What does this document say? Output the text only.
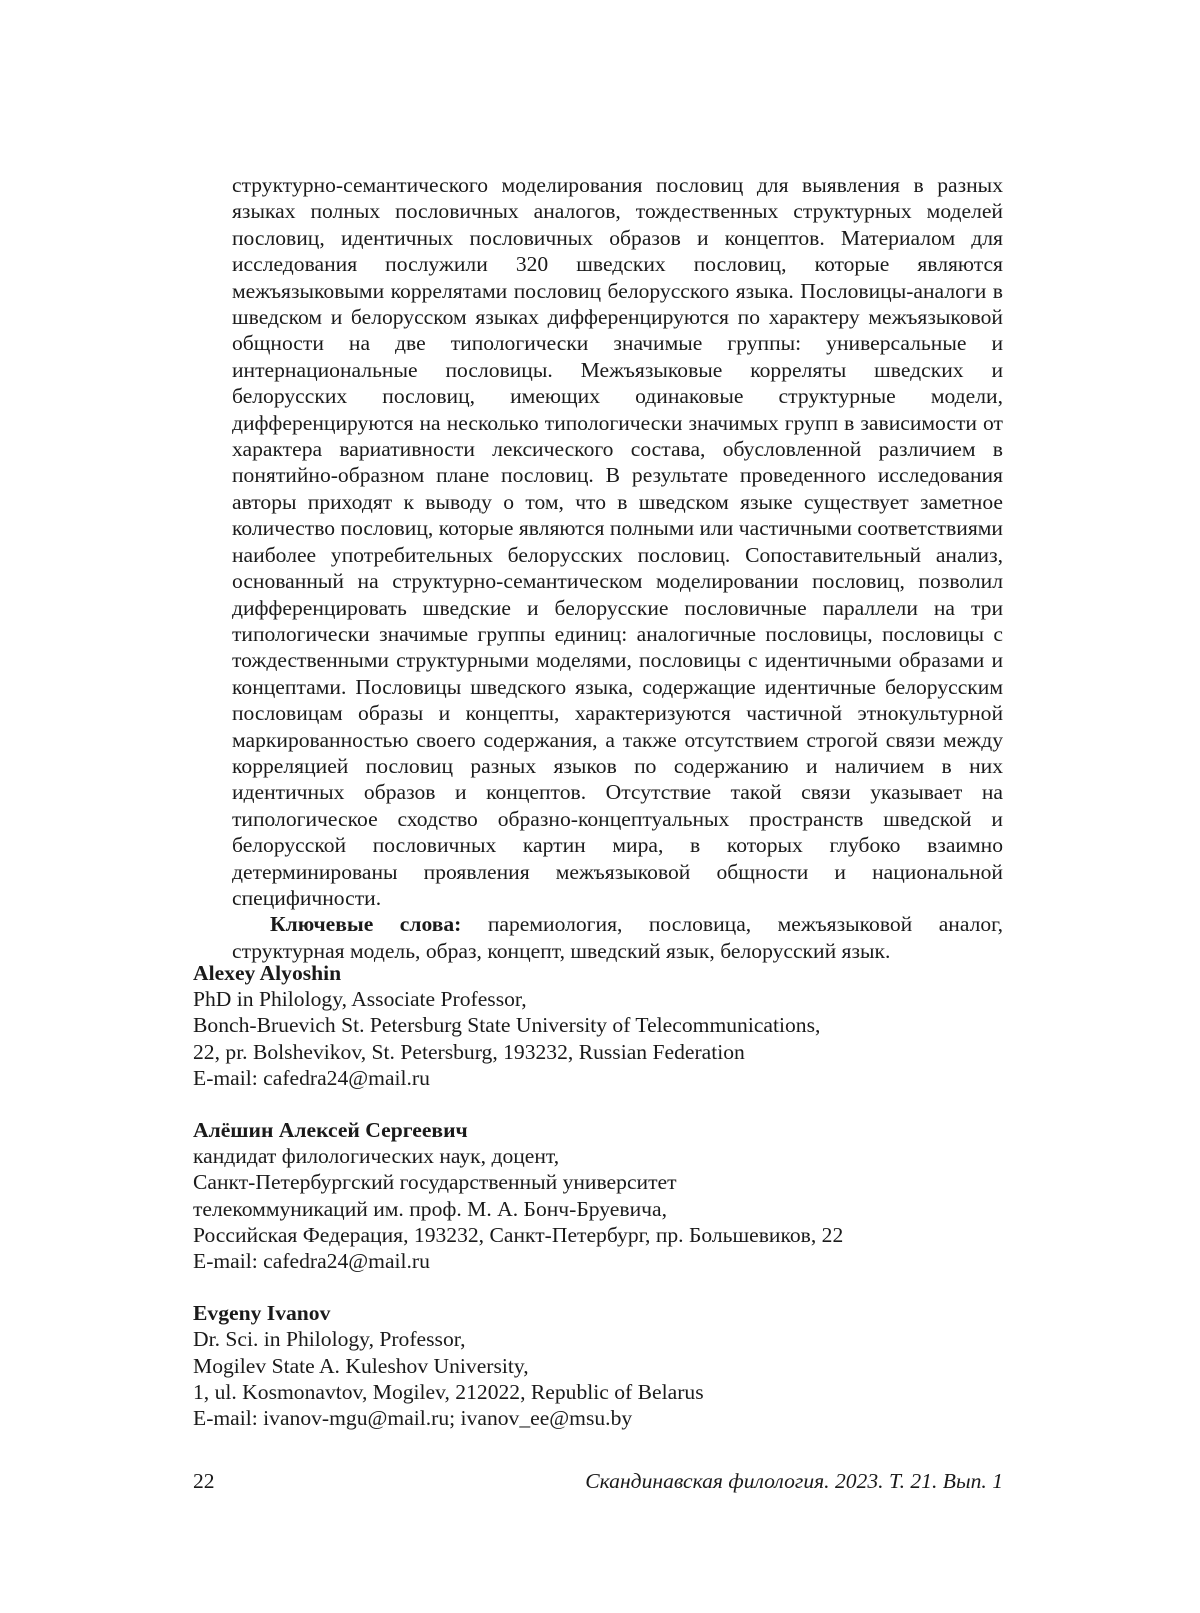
структурно-семантического моделирования пословиц для выявления в разных языках полных пословичных аналогов, тождественных структурных моделей пословиц, идентичных пословичных образов и концептов. Материалом для исследования послужили 320 шведских пословиц, которые являются межъязыковыми коррелятами пословиц белорусского языка. Пословицы-аналоги в шведском и белорусском языках дифференцируются по характеру межъязыковой общности на две типологически значимые группы: универсальные и интернациональные пословицы. Межъязыковые корреляты шведских и белорусских пословиц, имеющих одинаковые структурные модели, дифференцируются на несколько типологически значимых групп в зависимости от характера вариативности лексического состава, обусловленной различием в понятийно-образном плане пословиц. В результате проведенного исследования авторы приходят к выводу о том, что в шведском языке существует заметное количество пословиц, которые являются полными или частичными соответствиями наиболее употребительных белорусских пословиц. Сопоставительный анализ, основанный на структурно-семантическом моделировании пословиц, позволил дифференцировать шведские и белорусские пословичные параллели на три типологически значимые группы единиц: аналогичные пословицы, пословицы с тождественными структурными моделями, пословицы с идентичными образами и концептами. Пословицы шведского языка, содержащие идентичные белорусским пословицам образы и концепты, характеризуются частичной этнокультурной маркированностью своего содержания, а также отсутствием строгой связи между корреляцией пословиц разных языков по содержанию и наличием в них идентичных образов и концептов. Отсутствие такой связи указывает на типологическое сходство образно-концептуальных пространств шведской и белорусской пословичных картин мира, в которых глубоко взаимно детерминированы проявления межъязыковой общности и национальной специфичности.

Ключевые слова: паремиология, пословица, межъязыковой аналог, структурная модель, образ, концепт, шведский язык, белорусский язык.

Alexey Alyoshin
PhD in Philology, Associate Professor,
Bonch-Bruevich St. Petersburg State University of Telecommunications,
22, pr. Bolshevikov, St. Petersburg, 193232, Russian Federation
E-mail: cafedra24@mail.ru
Алёшин Алексей Сергеевич
кандидат филологических наук, доцент,
Санкт-Петербургский государственный университет
телекоммуникаций им. проф. М. А. Бонч-Бруевича,
Российская Федерация, 193232, Санкт-Петербург, пр. Большевиков, 22
E-mail: cafedra24@mail.ru
Evgeny Ivanov
Dr. Sci. in Philology, Professor,
Mogilev State A. Kuleshov University,
1, ul. Kosmonavtov, Mogilev, 212022, Republic of Belarus
E-mail: ivanov-mgu@mail.ru; ivanov_ee@msu.by
22	Скандинавская филология. 2023. Т. 21. Вып. 1
